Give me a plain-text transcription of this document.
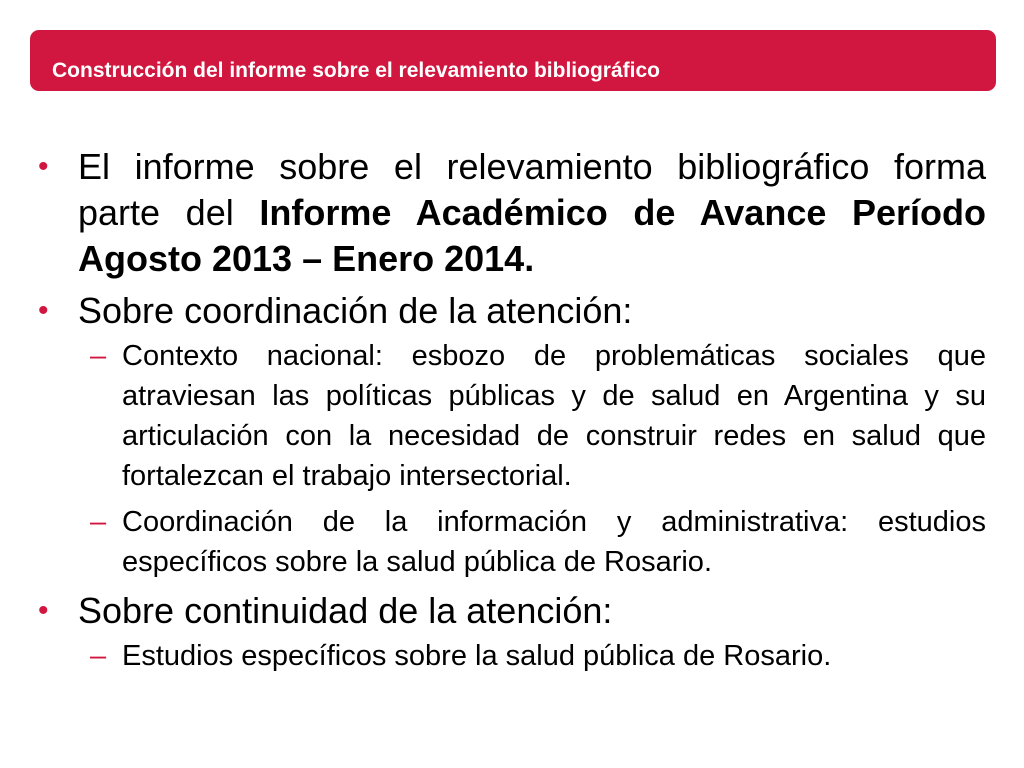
Construcción del informe sobre el relevamiento bibliográfico

• El informe sobre el relevamiento bibliográfico forma parte del Informe Académico de Avance Período Agosto 2013 – Enero 2014.

• Sobre coordinación de la atención:

– Contexto nacional: esbozo de problemáticas sociales que atraviesan las políticas públicas y de salud en Argentina y su articulación con la necesidad de construir redes en salud que fortalezcan el trabajo intersectorial.

– Coordinación de la información y administrativa: estudios específicos sobre la salud pública de Rosario.

• Sobre continuidad de la atención:

– Estudios específicos sobre la salud pública de Rosario.
